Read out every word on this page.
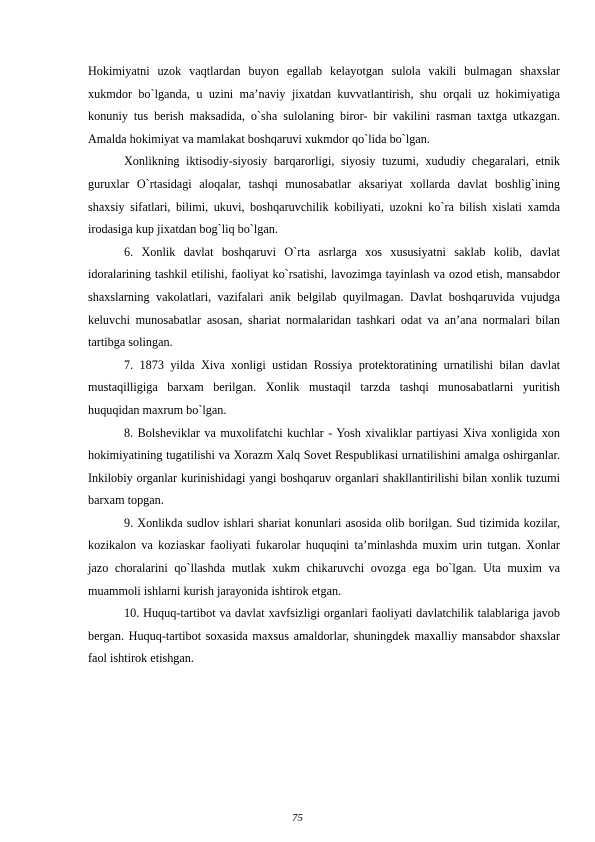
Hokimiyatni uzok vaqtlardan buyon egallab kelayotgan sulola vakili bulmagan shaxslar xukmdor bo`lganda, u uzini ma’naviy jixatdan kuvvatlantirish, shu orqali uz hokimiyatiga konuniy tus berish maksadida, o`sha sulolaning biror- bir vakilini rasman taxtga utkazgan. Amalda hokimiyat va mamlakat boshqaruvi xukmdor qo`lida bo`lgan.

Xonlikning iktisodiy-siyosiy barqarorligi, siyosiy tuzumi, xududiy chegaralari, etnik guruxlar O`rtasidagi aloqalar, tashqi munosabatlar aksariyat xollarda davlat boshlig`ining shaxsiy sifatlari, bilimi, ukuvi, boshqaruvchilik kobiliyati, uzokni ko`ra bilish xislati xamda irodasiga kup jixatdan bog`liq bo`lgan.

6. Xonlik davlat boshqaruvi O`rta asrlarga xos xususiyatni saklab kolib, davlat idoralarining tashkil etilishi, faoliyat ko`rsatishi, lavozimga tayinlash va ozod etish, mansabdor shaxslarning vakolatlari, vazifalari anik belgilab quyilmagan. Davlat boshqaruvida vujudga keluvchi munosabatlar asosan, shariat normalaridan tashkari odat va an’ana normalari bilan tartibga solingan.

7. 1873 yilda Xiva xonligi ustidan Rossiya protektoratining urnatilishi bilan davlat mustaqilligiga barxam berilgan. Xonlik mustaqil tarzda tashqi munosabatlarni yuritish huquqidan maxrum bo`lgan.

8. Bolsheviklar va muxolifatchi kuchlar - Yosh xivaliklar partiyasi Xiva xonligida xon hokimiyatining tugatilishi va Xorazm Xalq Sovet Respublikasi urnatilishini amalga oshirganlar. Inkilobiy organlar kurinishidagi yangi boshqaruv organlari shakllantirilishi bilan xonlik tuzumi barxam topgan.

9. Xonlikda sudlov ishlari shariat konunlari asosida olib borilgan. Sud tizimida kozilar, kozikalon va koziaskar faoliyati fukarolar huquqini ta’minlashda muxim urin tutgan. Xonlar jazo choralarini qo`llashda mutlak xukm chikaruvchi ovozga ega bo`lgan. Uta muxim va muammoli ishlarni kurish jarayonida ishtirok etgan.

10. Huquq-tartibot va davlat xavfsizligi organlari faoliyati davlatchilik talablariga javob bergan. Huquq-tartibot soxasida maxsus amaldorlar, shuningdek maxalliy mansabdor shaxslar faol ishtirok etishgan.

75
